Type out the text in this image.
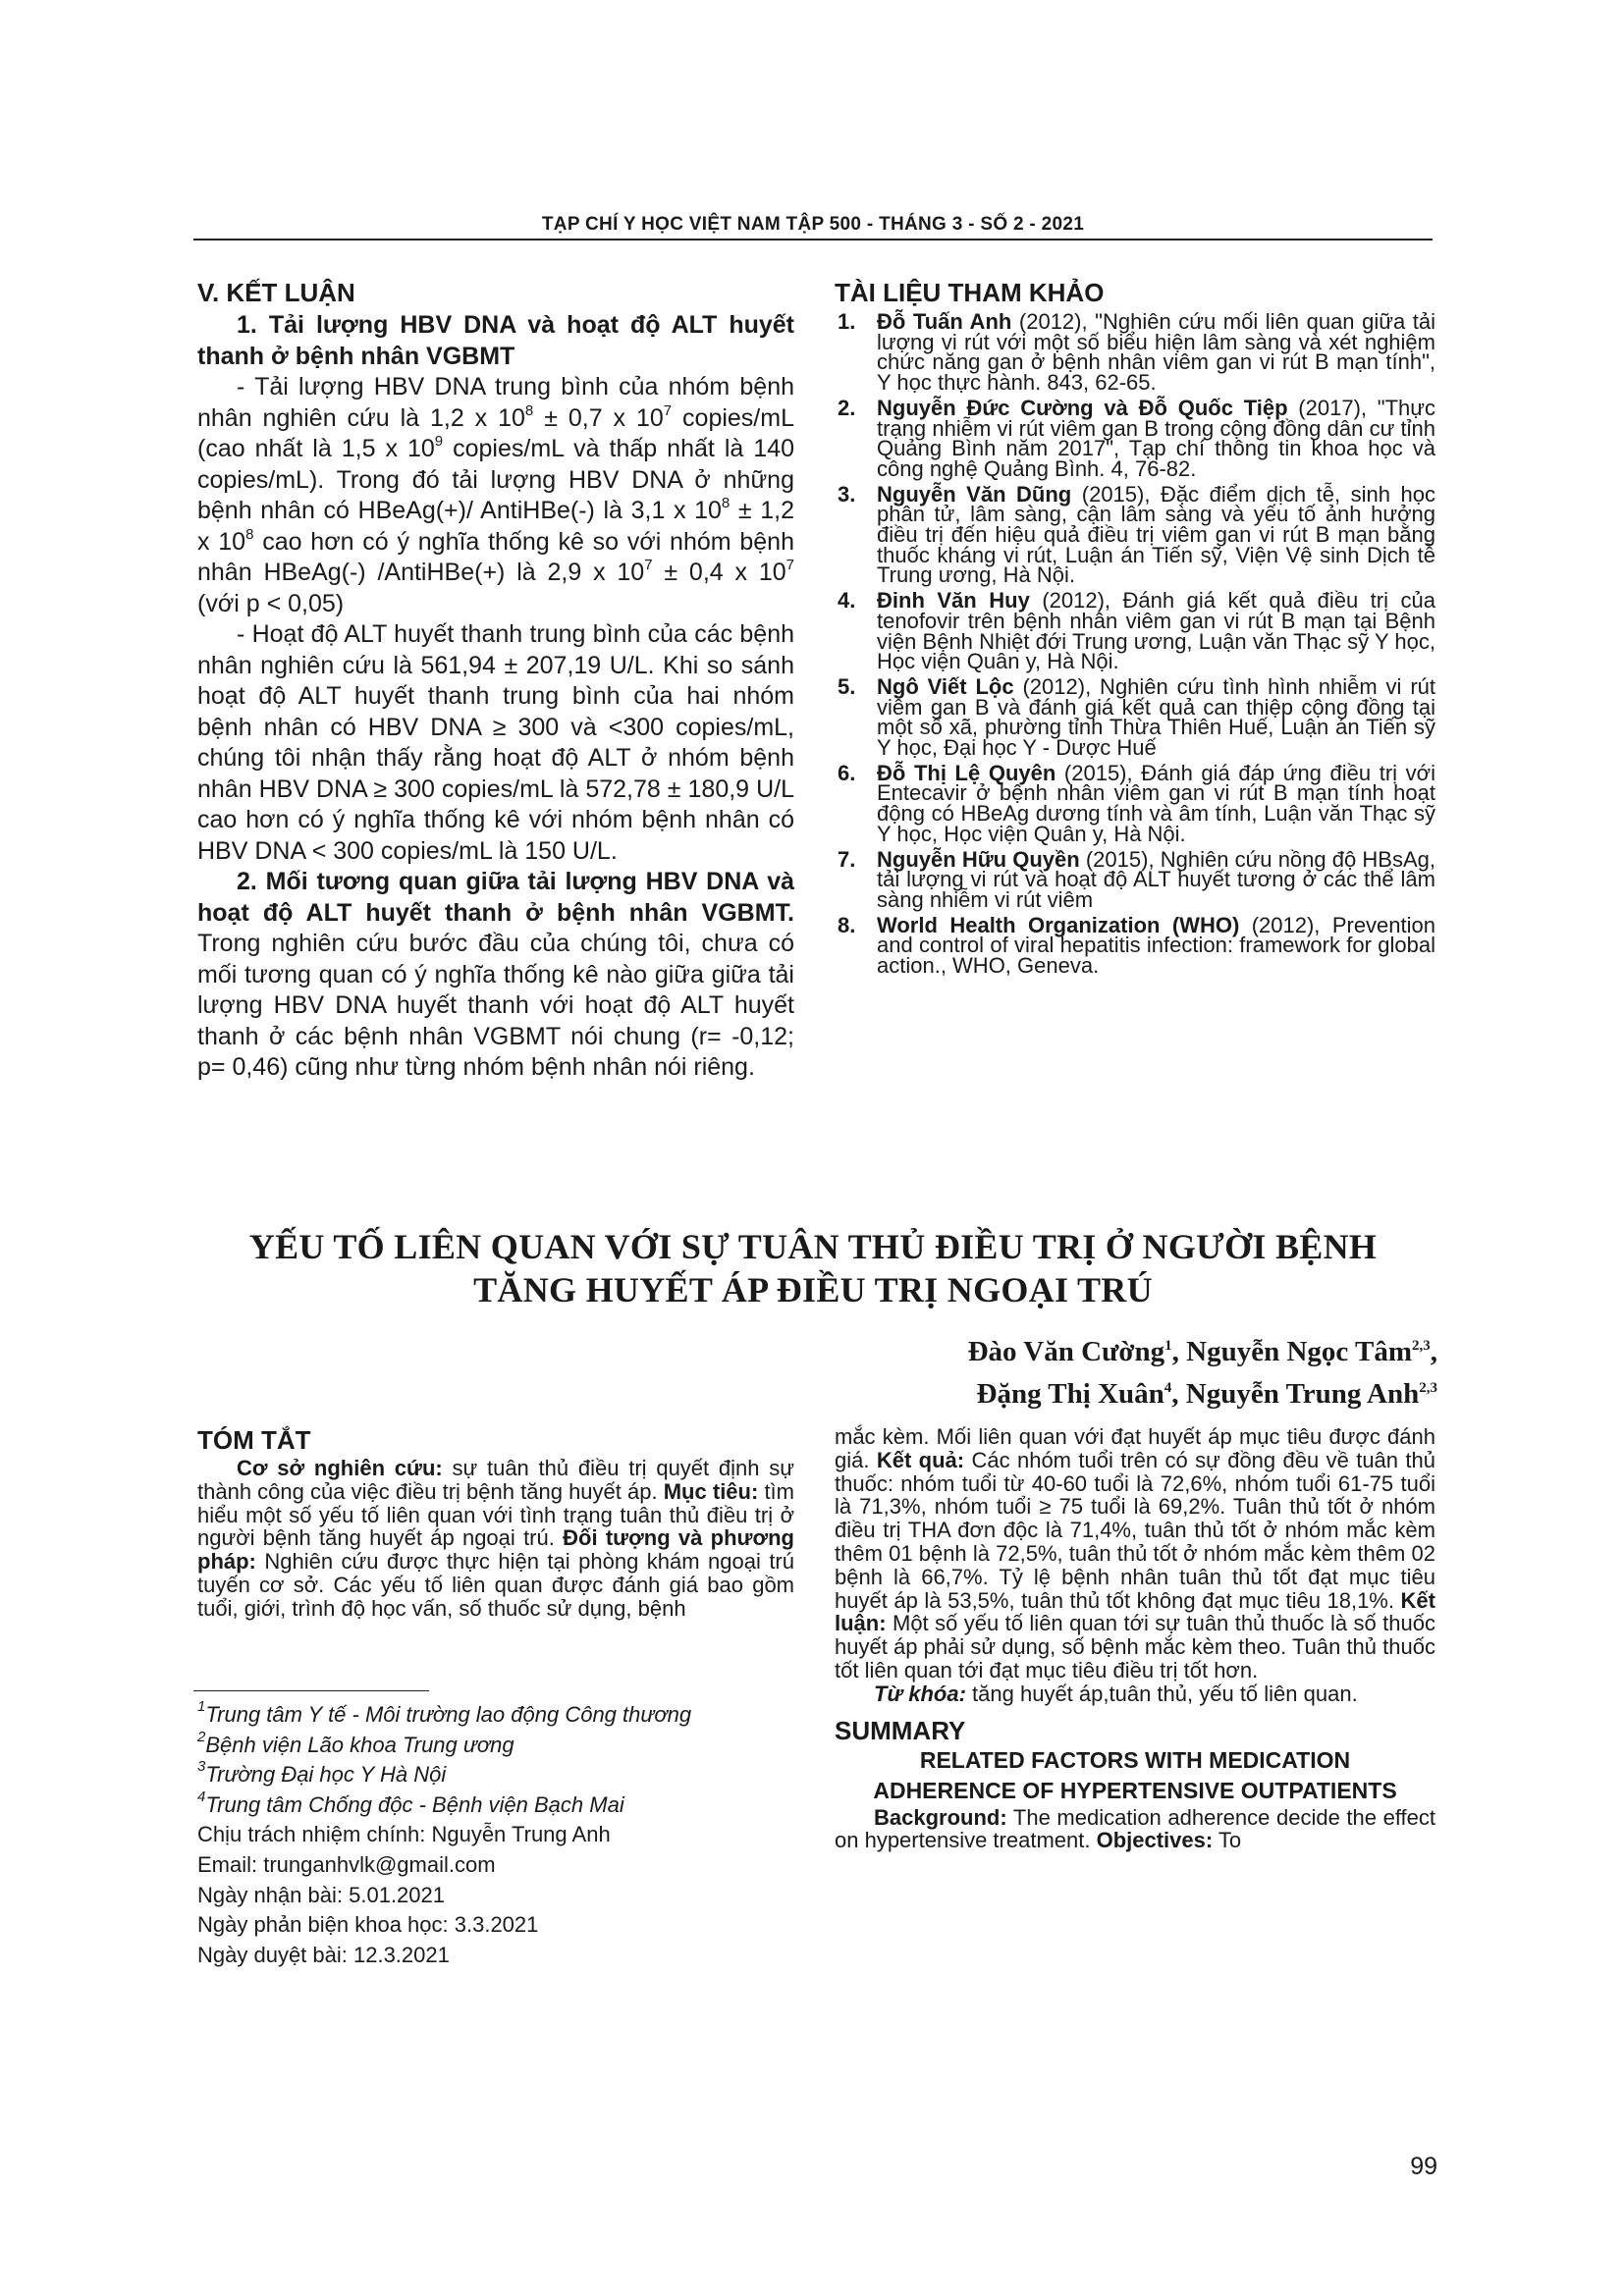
TẠP CHÍ Y HỌC VIỆT NAM TẬP 500 - THÁNG 3 - SỐ 2 - 2021

V. KẾT LUẬN

1. Tải lượng HBV DNA và hoạt độ ALT huyết thanh ở bệnh nhân VGBMT

- Tải lượng HBV DNA trung bình của nhóm bệnh nhân nghiên cứu là 1,2 x $10^8 \pm 0,7$ x $10^7$ copies/mL (cao nhất là 1,5 x $10^9$ copies/mL và thấp nhất là 140 copies/mL). Trong đó tải lượng HBV DNA ở những bệnh nhân có HBeAg(+)/ AntiHBe(-) là 3,1 x $10^8 \pm 1,2$ x $10^8$ cao hơn có ý nghĩa thống kê so với nhóm bệnh nhân HBeAg(-) /AntiHBe(+) là 2,9 x $10^7 \pm 0,4$ x $10^7$ (với p < 0,05)

- Hoạt độ ALT huyết thanh trung bình của các bệnh nhân nghiên cứu là 561,94 ± 207,19 U/L. Khi so sánh hoạt độ ALT huyết thanh trung bình của hai nhóm bệnh nhân có HBV DNA ≥ 300 và <300 copies/mL, chúng tôi nhận thấy rằng hoạt độ ALT ở nhóm bệnh nhân HBV DNA ≥ 300 copies/mL là 572,78 ± 180,9 U/L cao hơn có ý nghĩa thống kê với nhóm bệnh nhân có HBV DNA < 300 copies/mL là 150 U/L.

2. Mối tương quan giữa tải lượng HBV DNA và hoạt độ ALT huyết thanh ở bệnh nhân VGBMT. Trong nghiên cứu bước đầu của chúng tôi, chưa có mối tương quan có ý nghĩa thống kê nào giữa giữa tải lượng HBV DNA huyết thanh với hoạt độ ALT huyết thanh ở các bệnh nhân VGBMT nói chung (r= -0,12; p= 0,46) cũng như từng nhóm bệnh nhân nói riêng.

TÀI LIỆU THAM KHẢO
1. Đỗ Tuấn Anh (2012), "Nghiên cứu mối liên quan giữa tải lượng vi rút với một số biểu hiện lâm sàng và xét nghiệm chức năng gan ở bệnh nhân viêm gan vi rút B mạn tính", Y học thực hành. 843, 62-65.
2. Nguyễn Đức Cường và Đỗ Quốc Tiệp (2017), "Thực trạng nhiễm vi rút viêm gan B trong cộng đồng dân cư tỉnh Quảng Bình năm 2017", Tạp chí thông tin khoa học và công nghệ Quảng Bình. 4, 76-82.
3. Nguyễn Văn Dũng (2015), Đặc điểm dịch tễ, sinh học phân tử, lâm sàng, cận lâm sàng và yếu tố ảnh hưởng điều trị đến hiệu quả điều trị viêm gan vi rút B mạn bằng thuốc kháng vi rút, Luận án Tiến sỹ, Viện Vệ sinh Dịch tễ Trung ương, Hà Nội.
4. Đinh Văn Huy (2012), Đánh giá kết quả điều trị của tenofovir trên bệnh nhân viêm gan vi rút B mạn tại Bệnh viện Bệnh Nhiệt đới Trung ương, Luận văn Thạc sỹ Y học, Học viện Quân y, Hà Nội.
5. Ngô Viết Lộc (2012), Nghiên cứu tình hình nhiễm vi rút viêm gan B và đánh giá kết quả can thiệp cộng đồng tại một số xã, phường tỉnh Thừa Thiên Huế, Luận án Tiến sỹ Y học, Đại học Y - Dược Huế
6. Đỗ Thị Lệ Quyên (2015), Đánh giá đáp ứng điều trị với Entecavir ở bệnh nhân viêm gan vi rút B mạn tính hoạt động có HBeAg dương tính và âm tính, Luận văn Thạc sỹ Y học, Học viện Quân y, Hà Nội.
7. Nguyễn Hữu Quyền (2015), Nghiên cứu nồng độ HBsAg, tải lượng vi rút và hoạt độ ALT huyết tương ở các thể lâm sàng nhiễm vi rút viêm
8. World Health Organization (WHO) (2012), Prevention and control of viral hepatitis infection: framework for global action., WHO, Geneva.
YẾU TỐ LIÊN QUAN VỚI SỰ TUÂN THỦ ĐIỀU TRỊ Ở NGƯỜI BỆNH
TĂNG HUYẾT ÁP ĐIỀU TRỊ NGOẠI TRÚ
Đào Văn Cường$^1$, Nguyễn Ngọc Tâm$^{2,3}$,
Đặng Thị Xuân$^4$, Nguyễn Trung Anh$^{2,3}$

TÓM TẮT

Cơ sở nghiên cứu: sự tuân thủ điều trị quyết định sự thành công của việc điều trị bệnh tăng huyết áp. Mục tiêu: tìm hiểu một số yếu tố liên quan với tình trạng tuân thủ điều trị ở người bệnh tăng huyết áp ngoại trú. Đối tượng và phương pháp: Nghiên cứu được thực hiện tại phòng khám ngoại trú tuyến cơ sở. Các yếu tố liên quan được đánh giá bao gồm tuổi, giới, trình độ học vấn, số thuốc sử dụng, bệnh

$^1$Trung tâm Y tế - Môi trường lao động Công thương

$^2$Bệnh viện Lão khoa Trung ương

$^3$Trường Đại học Y Hà Nội

$^4$Trung tâm Chống độc - Bệnh viện Bạch Mai

Chịu trách nhiệm chính: Nguyễn Trung Anh

Email: trunganhvlk@gmail.com

Ngày nhận bài: 5.01.2021

Ngày phản biện khoa học: 3.3.2021

Ngày duyệt bài: 12.3.2021

mắc kèm. Mối liên quan với đạt huyết áp mục tiêu được đánh giá. Kết quả: Các nhóm tuổi trên có sự đồng đều về tuân thủ thuốc: nhóm tuổi từ 40-60 tuổi là 72,6%, nhóm tuổi 61-75 tuổi là 71,3%, nhóm tuổi ≥ 75 tuổi là 69,2%. Tuân thủ tốt ở nhóm điều trị THA đơn độc là 71,4%, tuân thủ tốt ở nhóm mắc kèm thêm 01 bệnh là 72,5%, tuân thủ tốt ở nhóm mắc kèm thêm 02 bệnh là 66,7%. Tỷ lệ bệnh nhân tuân thủ tốt đạt mục tiêu huyết áp là 53,5%, tuân thủ tốt không đạt mục tiêu 18,1%. Kết luận: Một số yếu tố liên quan tới sự tuân thủ thuốc là số thuốc huyết áp phải sử dụng, số bệnh mắc kèm theo. Tuân thủ thuốc tốt liên quan tới đạt mục tiêu điều trị tốt hơn.

Từ khóa: tăng huyết áp,tuân thủ, yếu tố liên quan.

SUMMARY

RELATED FACTORS WITH MEDICATION
ADHERENCE OF HYPERTENSIVE OUTPATIENTS

Background: The medication adherence decide the effect on hypertensive treatment. Objectives: To

99
